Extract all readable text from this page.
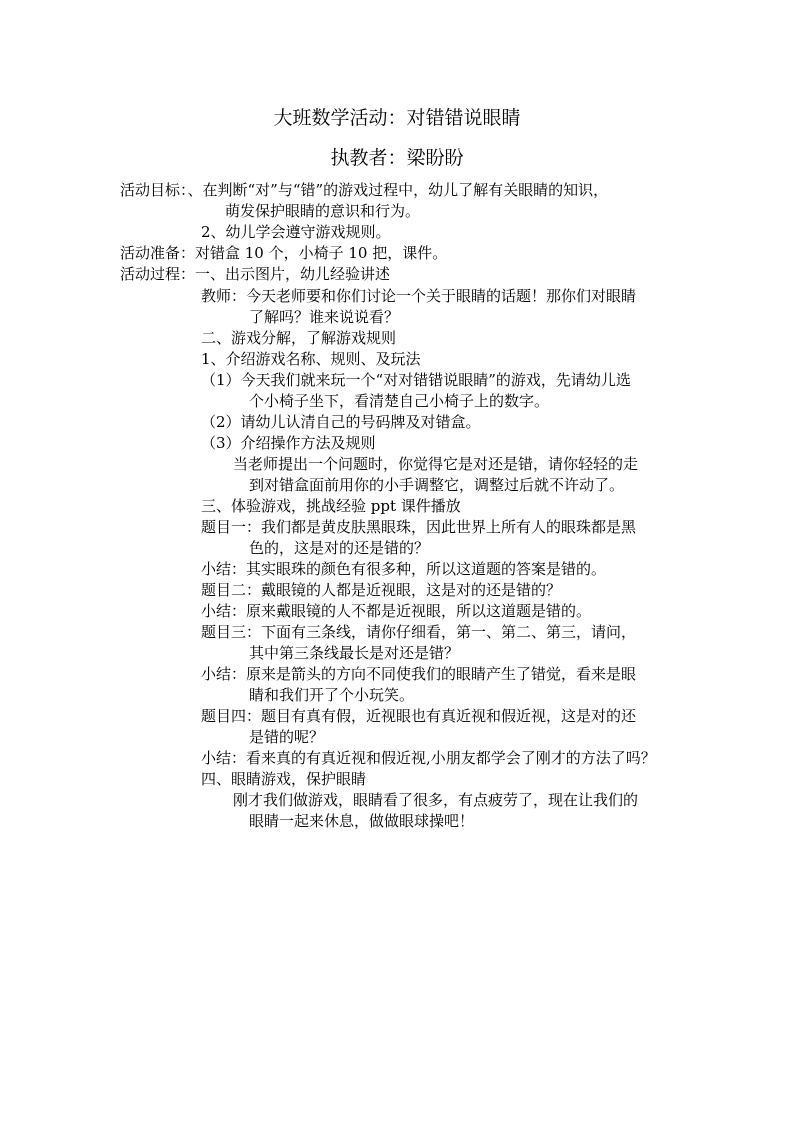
大班数学活动：对错错说眼睛
执教者：梁盼盼
活动目标：、在判断“对”与“错”的游戏过程中，幼儿了解有关眼睛的知识，
萌发保护眼睛的意识和行为。
2、幼儿学会遵守游戏规则。
活动准备：对错盒 10 个，小椅子 10 把，课件。
活动过程：一、出示图片，幼儿经验讲述
教师：今天老师要和你们讨论一个关于眼睛的话题！那你们对眼睛
了解吗？谁来说说看？
二、游戏分解，了解游戏规则
1、介绍游戏名称、规则、及玩法
（1）今天我们就来玩一个“对对错错说眼睛”的游戏，先请幼儿选
个小椅子坐下，看清楚自己小椅子上的数字。
（2）请幼儿认清自己的号码牌及对错盒。
（3）介绍操作方法及规则
当老师提出一个问题时，你觉得它是对还是错，请你轻轻的走
到对错盒面前用你的小手调整它，调整过后就不许动了。
三、体验游戏，挑战经验 ppt 课件播放
题目一：我们都是黄皮肤黑眼珠，因此世界上所有人的眼珠都是黑
色的，这是对的还是错的？
小结：其实眼珠的颜色有很多种，所以这道题的答案是错的。
题目二：戴眼镜的人都是近视眼，这是对的还是错的？
小结：原来戴眼镜的人不都是近视眼，所以这道题是错的。
题目三：下面有三条线，请你仔细看，第一、第二、第三，请问，
其中第三条线最长是对还是错？
小结：原来是箭头的方向不同使我们的眼睛产生了错觉，看来是眼
睛和我们开了个小玩笑。
题目四：题目有真有假，近视眼也有真近视和假近视，这是对的还
是错的呢？
小结：看来真的有真近视和假近视,小朋友都学会了刚才的方法了吗？
四、眼睛游戏，保护眼睛
刚才我们做游戏，眼睛看了很多，有点疲劳了，现在让我们的
眼睛一起来休息，做做眼球操吧！
